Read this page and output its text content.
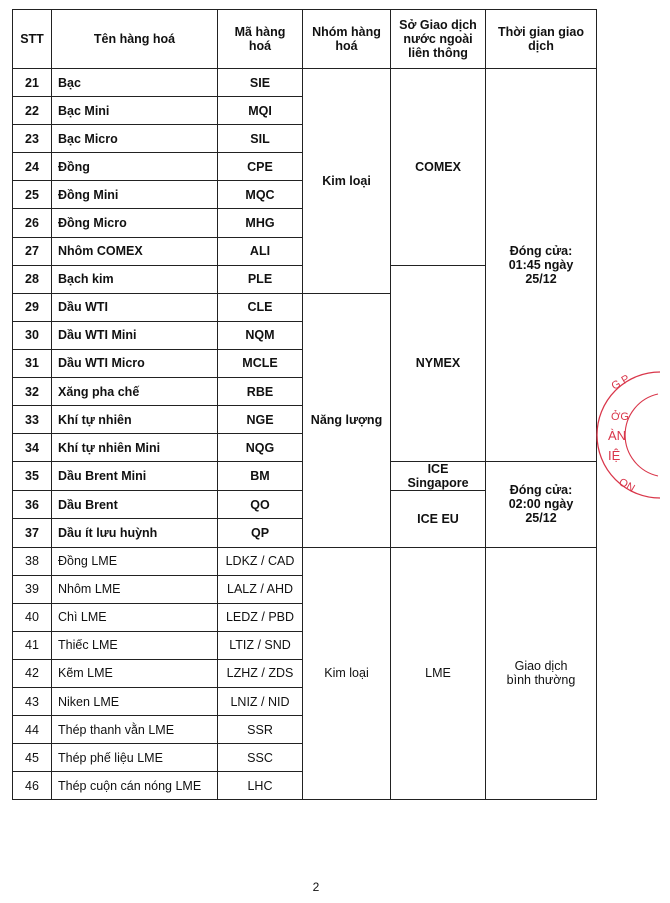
STT	Tên hàng hoá	Mã hàng hoá	Nhóm hàng hoá	Sở Giao dịch nước ngoài liên thông	Thời gian giao dịch
21	Bạc	SIE	Kim loại	COMEX	Đóng cửa:
01:45 ngày 25/12

22	Bạc Mini	MQI			
23	Bạc Micro	SIL			
24	Đồng	CPE			
25	Đồng Mini	MQC			
26	Đồng Micro	MHG			
27	Nhôm COMEX	ALI			
28	Bạch kim	PLE		NYMEX	
29	Dầu WTI	CLE	Năng lượng		
30	Dầu WTI Mini	NQM			
31	Dầu WTI Micro	MCLE			
32	Xăng pha chế	RBE			
33	Khí tự nhiên	NGE			
34	Khí tự nhiên Mini	NQG			
35	Dầu Brent Mini	BM		ICE Singapore	Đóng cửa:
02:00 ngày 25/12

36	Dầu Brent	QO		ICE EU	
37	Dầu ít lưu huỳnh	QP			
38	Đồng LME	LDKZ / CAD	Kim loại	LME	Giao dịch
bình thường

39	Nhôm LME	LALZ / AHD			
40	Chì LME	LEDZ / PBD			
41	Thiếc LME	LTIZ / SND			
42	Kẽm LME	LZHZ / ZDS			
43	Niken LME	LNIZ / NID			
44	Thép thanh vằn LME	SSR			
45	Thép phế liệu LME	SSC			
46	Thép cuộn cán nóng LME	LHC			
G.P
ỞG
ÀN
IỆ
ON
2
